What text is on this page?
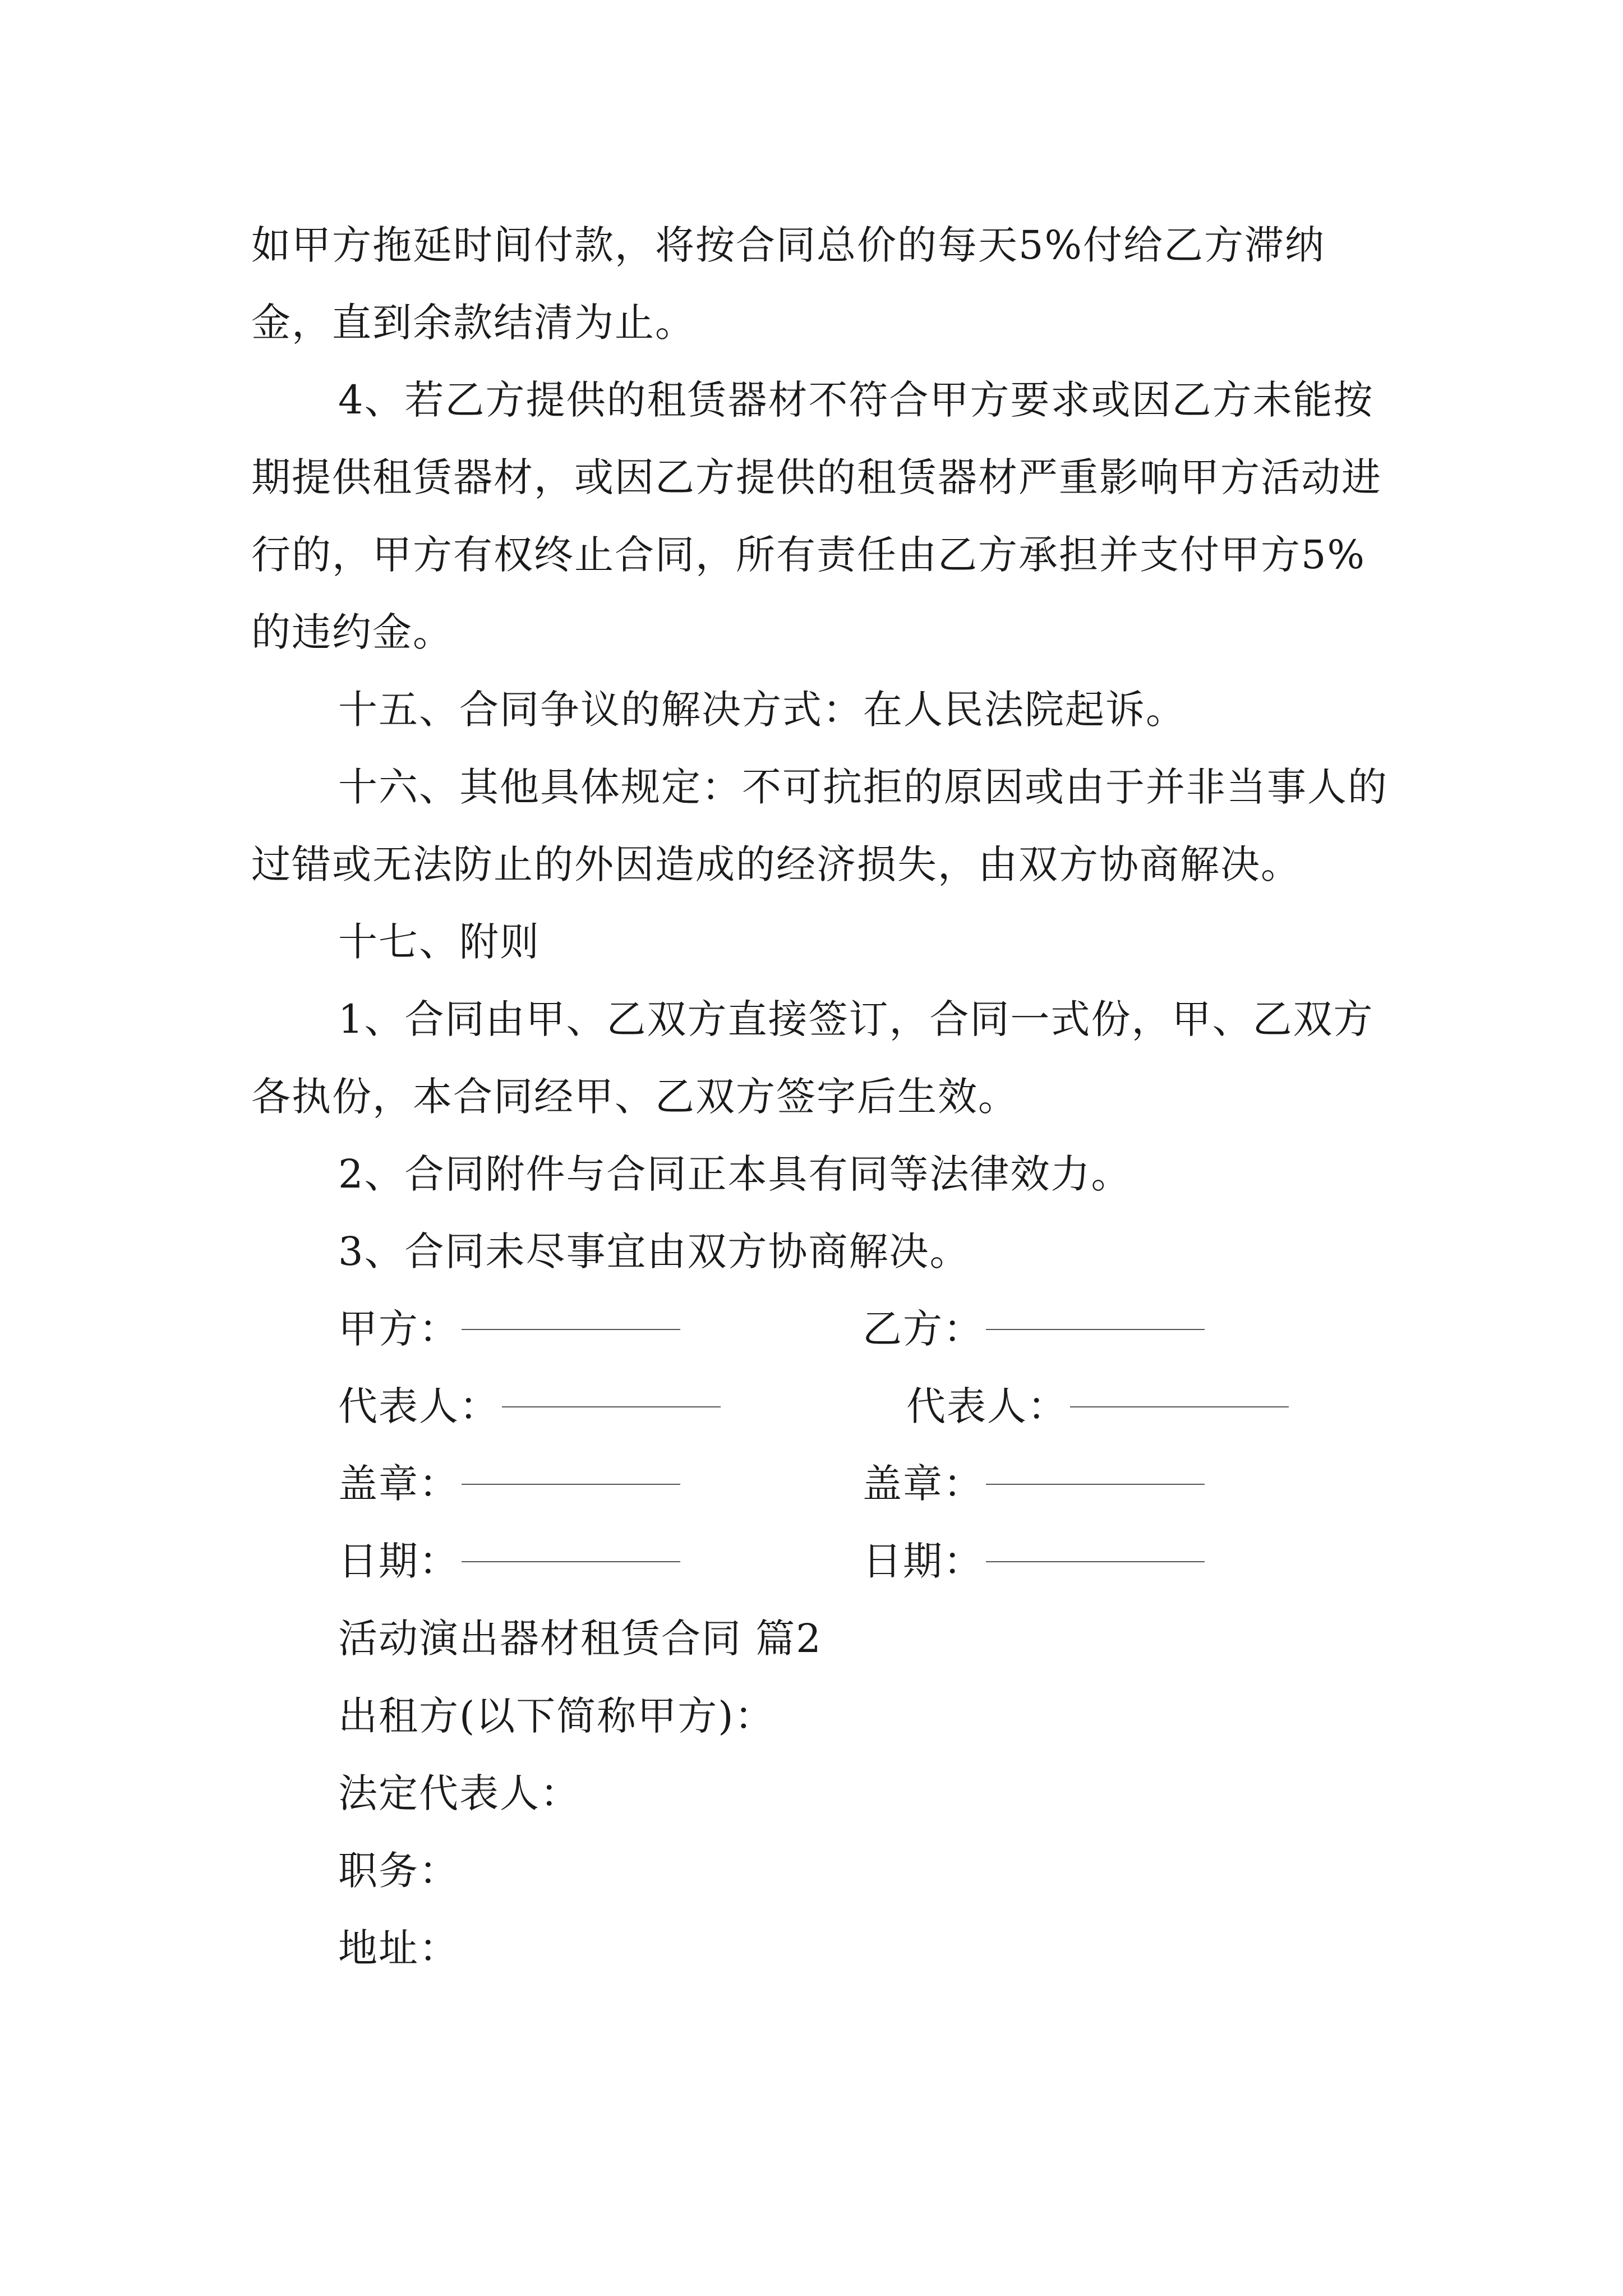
如甲方拖延时间付款，将按合同总价的每天5%付给乙方滞纳金，直到余款结清为止。

4、若乙方提供的租赁器材不符合甲方要求或因乙方未能按期提供租赁器材，或因乙方提供的租赁器材严重影响甲方活动进行的，甲方有权终止合同，所有责任由乙方承担并支付甲方5%的违约金。

十五、合同争议的解决方式：在人民法院起诉。

十六、其他具体规定：不可抗拒的原因或由于并非当事人的过错或无法防止的外因造成的经济损失，由双方协商解决。

十七、附则

1、合同由甲、乙双方直接签订，合同一式份，甲、乙双方各执份，本合同经甲、乙双方签字后生效。

2、合同附件与合同正本具有同等法律效力。

3、合同未尽事宜由双方协商解决。

甲方：	乙方：
代表人：	代表人：
盖章：	盖章：
日期：	日期：

活动演出器材租赁合同 篇2

出租方(以下简称甲方)：

法定代表人：

职务：

地址：
